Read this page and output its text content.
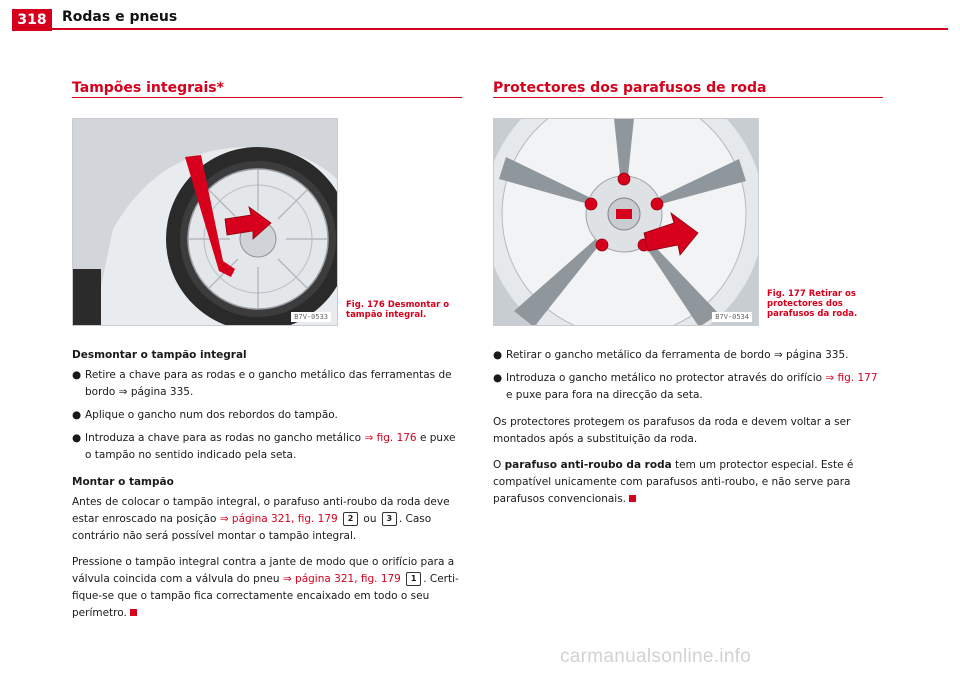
318	Rodas e pneus
Tampões integrais*
B7V-0533
Fig. 176 Desmontar o tampão integral.
Desmontar o tampão integral
● Retire a chave para as rodas e o gancho metálico das ferramentas de bordo ⇒ página 335.
● Aplique o gancho num dos rebordos do tampão.
● Introduza a chave para as rodas no gancho metálico ⇒ fig. 176 e puxe o tampão no sentido indicado pela seta.
Montar o tampão

Antes de colocar o tampão integral, o parafuso anti-roubo da roda deve estar enroscado na posição ⇒ página 321, fig. 179 2 ou 3 . Caso contrário não será possível montar o tampão integral.

Pressione o tampão integral contra a jante de modo que o orifício para a válvula coincida com a válvula do pneu ⇒ página 321, fig. 179 1 . Certi-fique-se que o tampão fica correctamente encaixado em todo o seu perímetro.

Protectores dos parafusos de roda
B7V-0534
Fig. 177 Retirar os protectores dos parafusos da roda.
● Retirar o gancho metálico da ferramenta de bordo ⇒ página 335.
● Introduza o gancho metálico no protector através do orifício ⇒ fig. 177 e puxe para fora na direcção da seta.

Os protectores protegem os parafusos da roda e devem voltar a ser montados após a substituição da roda.

O parafuso anti-roubo da roda tem um protector especial. Este é compatível unicamente com parafusos anti-roubo, e não serve para parafusos convencionais.

carmanualsonline.info
